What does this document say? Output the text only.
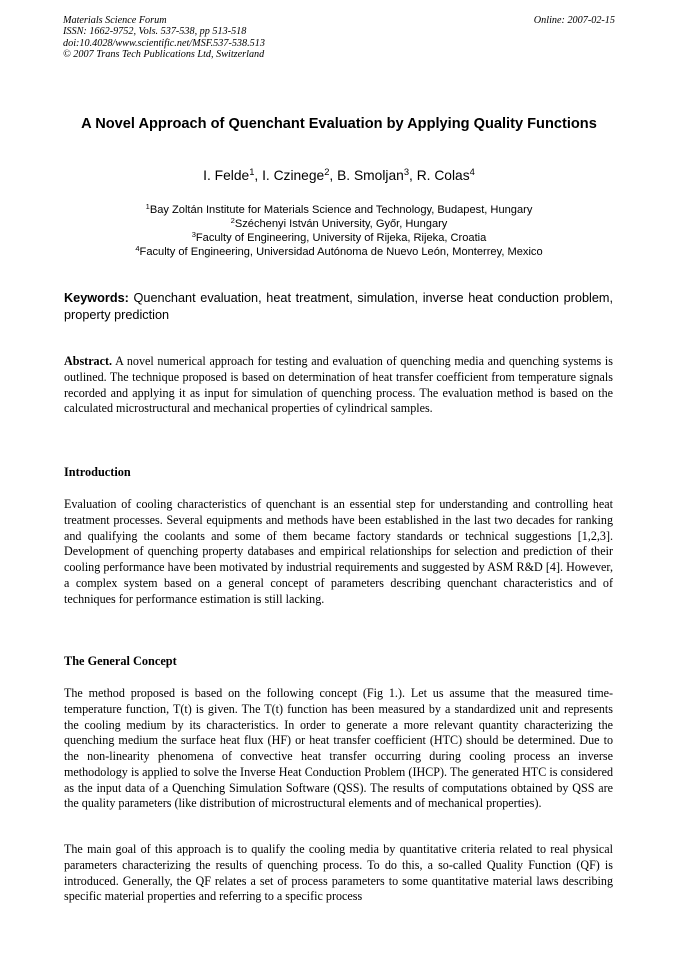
Materials Science Forum
ISSN: 1662-9752, Vols. 537-538, pp 513-518
doi:10.4028/www.scientific.net/MSF.537-538.513
© 2007 Trans Tech Publications Ltd, Switzerland
Online: 2007-02-15
A Novel Approach of Quenchant Evaluation by Applying Quality Functions
I. Felde$^1$, I. Czinege$^2$, B. Smoljan$^3$, R. Colas$^4$
$^1$Bay Zoltán Institute for Materials Science and Technology, Budapest, Hungary
$^2$Széchenyi István University, Győr, Hungary
$^3$Faculty of Engineering, University of Rijeka, Rijeka, Croatia
$^4$Faculty of Engineering, Universidad Autónoma de Nuevo León, Monterrey, Mexico

Keywords: Quenchant evaluation, heat treatment, simulation, inverse heat conduction problem, property prediction

Abstract. A novel numerical approach for testing and evaluation of quenching media and quenching systems is outlined. The technique proposed is based on determination of heat transfer coefficient from temperature signals recorded and applying it as input for simulation of quenching process. The evaluation method is based on the calculated microstructural and mechanical properties of cylindrical samples.

Introduction

Evaluation of cooling characteristics of quenchant is an essential step for understanding and controlling heat treatment processes. Several equipments and methods have been established in the last two decades for ranking and qualifying the coolants and some of them became factory standards or technical suggestions [1,2,3]. Development of quenching property databases and empirical relationships for selection and prediction of their cooling performance have been motivated by industrial requirements and suggested by ASM R&D [4]. However, a complex system based on a general concept of parameters describing quenchant characteristics and of techniques for performance estimation is still lacking.

The General Concept

The method proposed is based on the following concept (Fig 1.). Let us assume that the measured time-temperature function, T(t) is given. The T(t) function has been measured by a standardized unit and represents the cooling medium by its characteristics. In order to generate a more relevant quantity characterizing the quenching medium the surface heat flux (HF) or heat transfer coefficient (HTC) should be determined. Due to the non-linearity phenomena of convective heat transfer occurring during cooling process an inverse methodology is applied to solve the Inverse Heat Conduction Problem (IHCP). The generated HTC is considered as the input data of a Quenching Simulation Software (QSS). The results of computations obtained by QSS are the quality parameters (like distribution of microstructural elements and of mechanical properties).

The main goal of this approach is to qualify the cooling media by quantitative criteria related to real physical parameters characterizing the results of quenching process. To do this, a so-called Quality Function (QF) is introduced. Generally, the QF relates a set of process parameters to some quantitative material laws describing specific material properties and referring to a specific process
